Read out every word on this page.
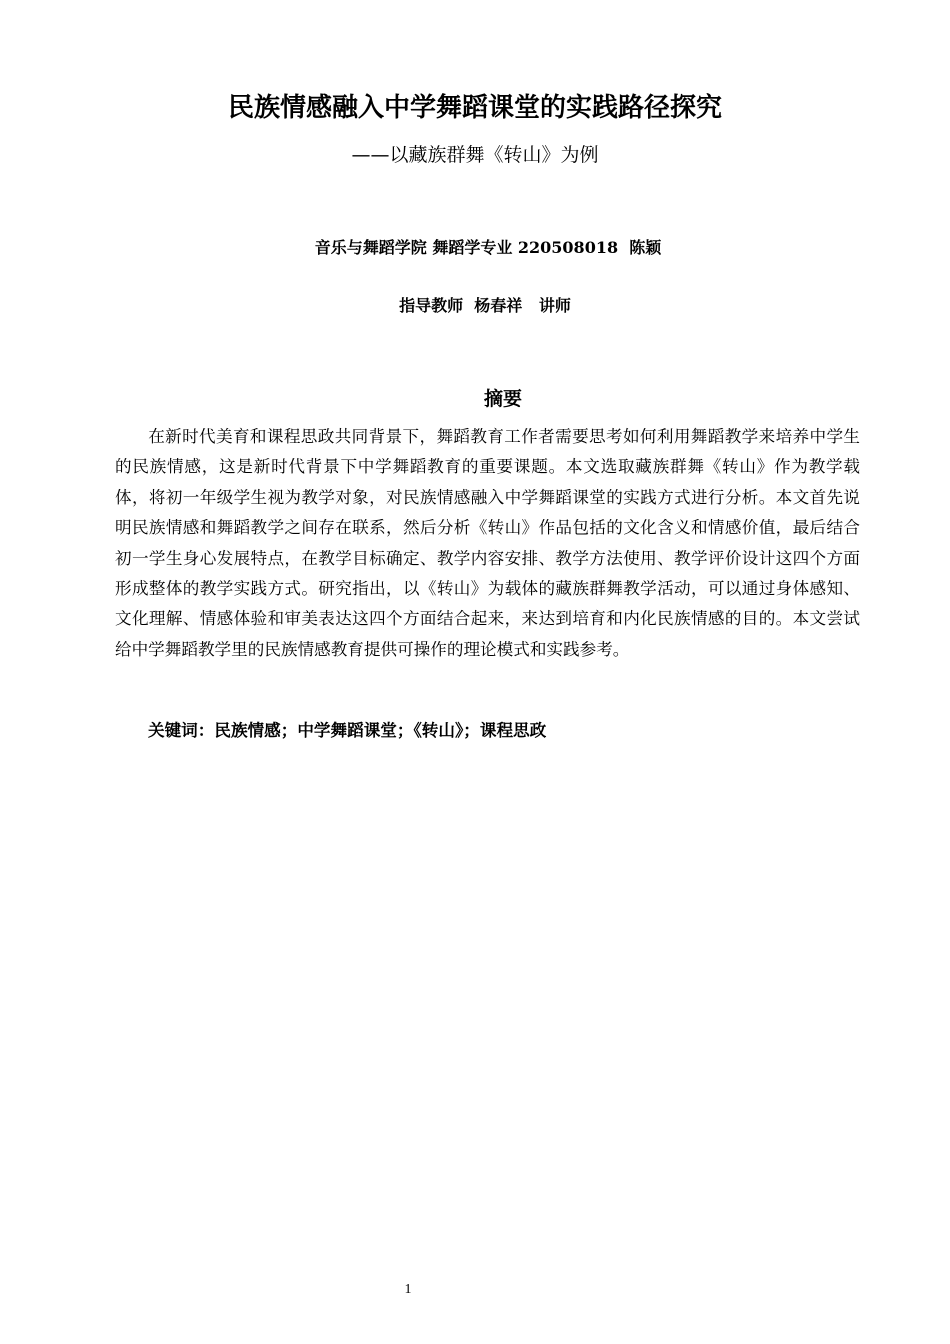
民族情感融入中学舞蹈课堂的实践路径探究
——以藏族群舞《转山》为例
音乐与舞蹈学院 舞蹈学专业 220508018  陈颖
指导教师  杨春祥   讲师
摘要

在新时代美育和课程思政共同背景下，舞蹈教育工作者需要思考如何利用舞蹈教学来培养中学生的民族情感，这是新时代背景下中学舞蹈教育的重要课题。本文选取藏族群舞《转山》作为教学载体，将初一年级学生视为教学对象，对民族情感融入中学舞蹈课堂的实践方式进行分析。本文首先说明民族情感和舞蹈教学之间存在联系，然后分析《转山》作品包括的文化含义和情感价值，最后结合初一学生身心发展特点，在教学目标确定、教学内容安排、教学方法使用、教学评价设计这四个方面形成整体的教学实践方式。研究指出，以《转山》为载体的藏族群舞教学活动，可以通过身体感知、文化理解、情感体验和审美表达这四个方面结合起来，来达到培育和内化民族情感的目的。本文尝试给中学舞蹈教学里的民族情感教育提供可操作的理论模式和实践参考。

关键词：民族情感；中学舞蹈课堂；《转山》；课程思政
1
